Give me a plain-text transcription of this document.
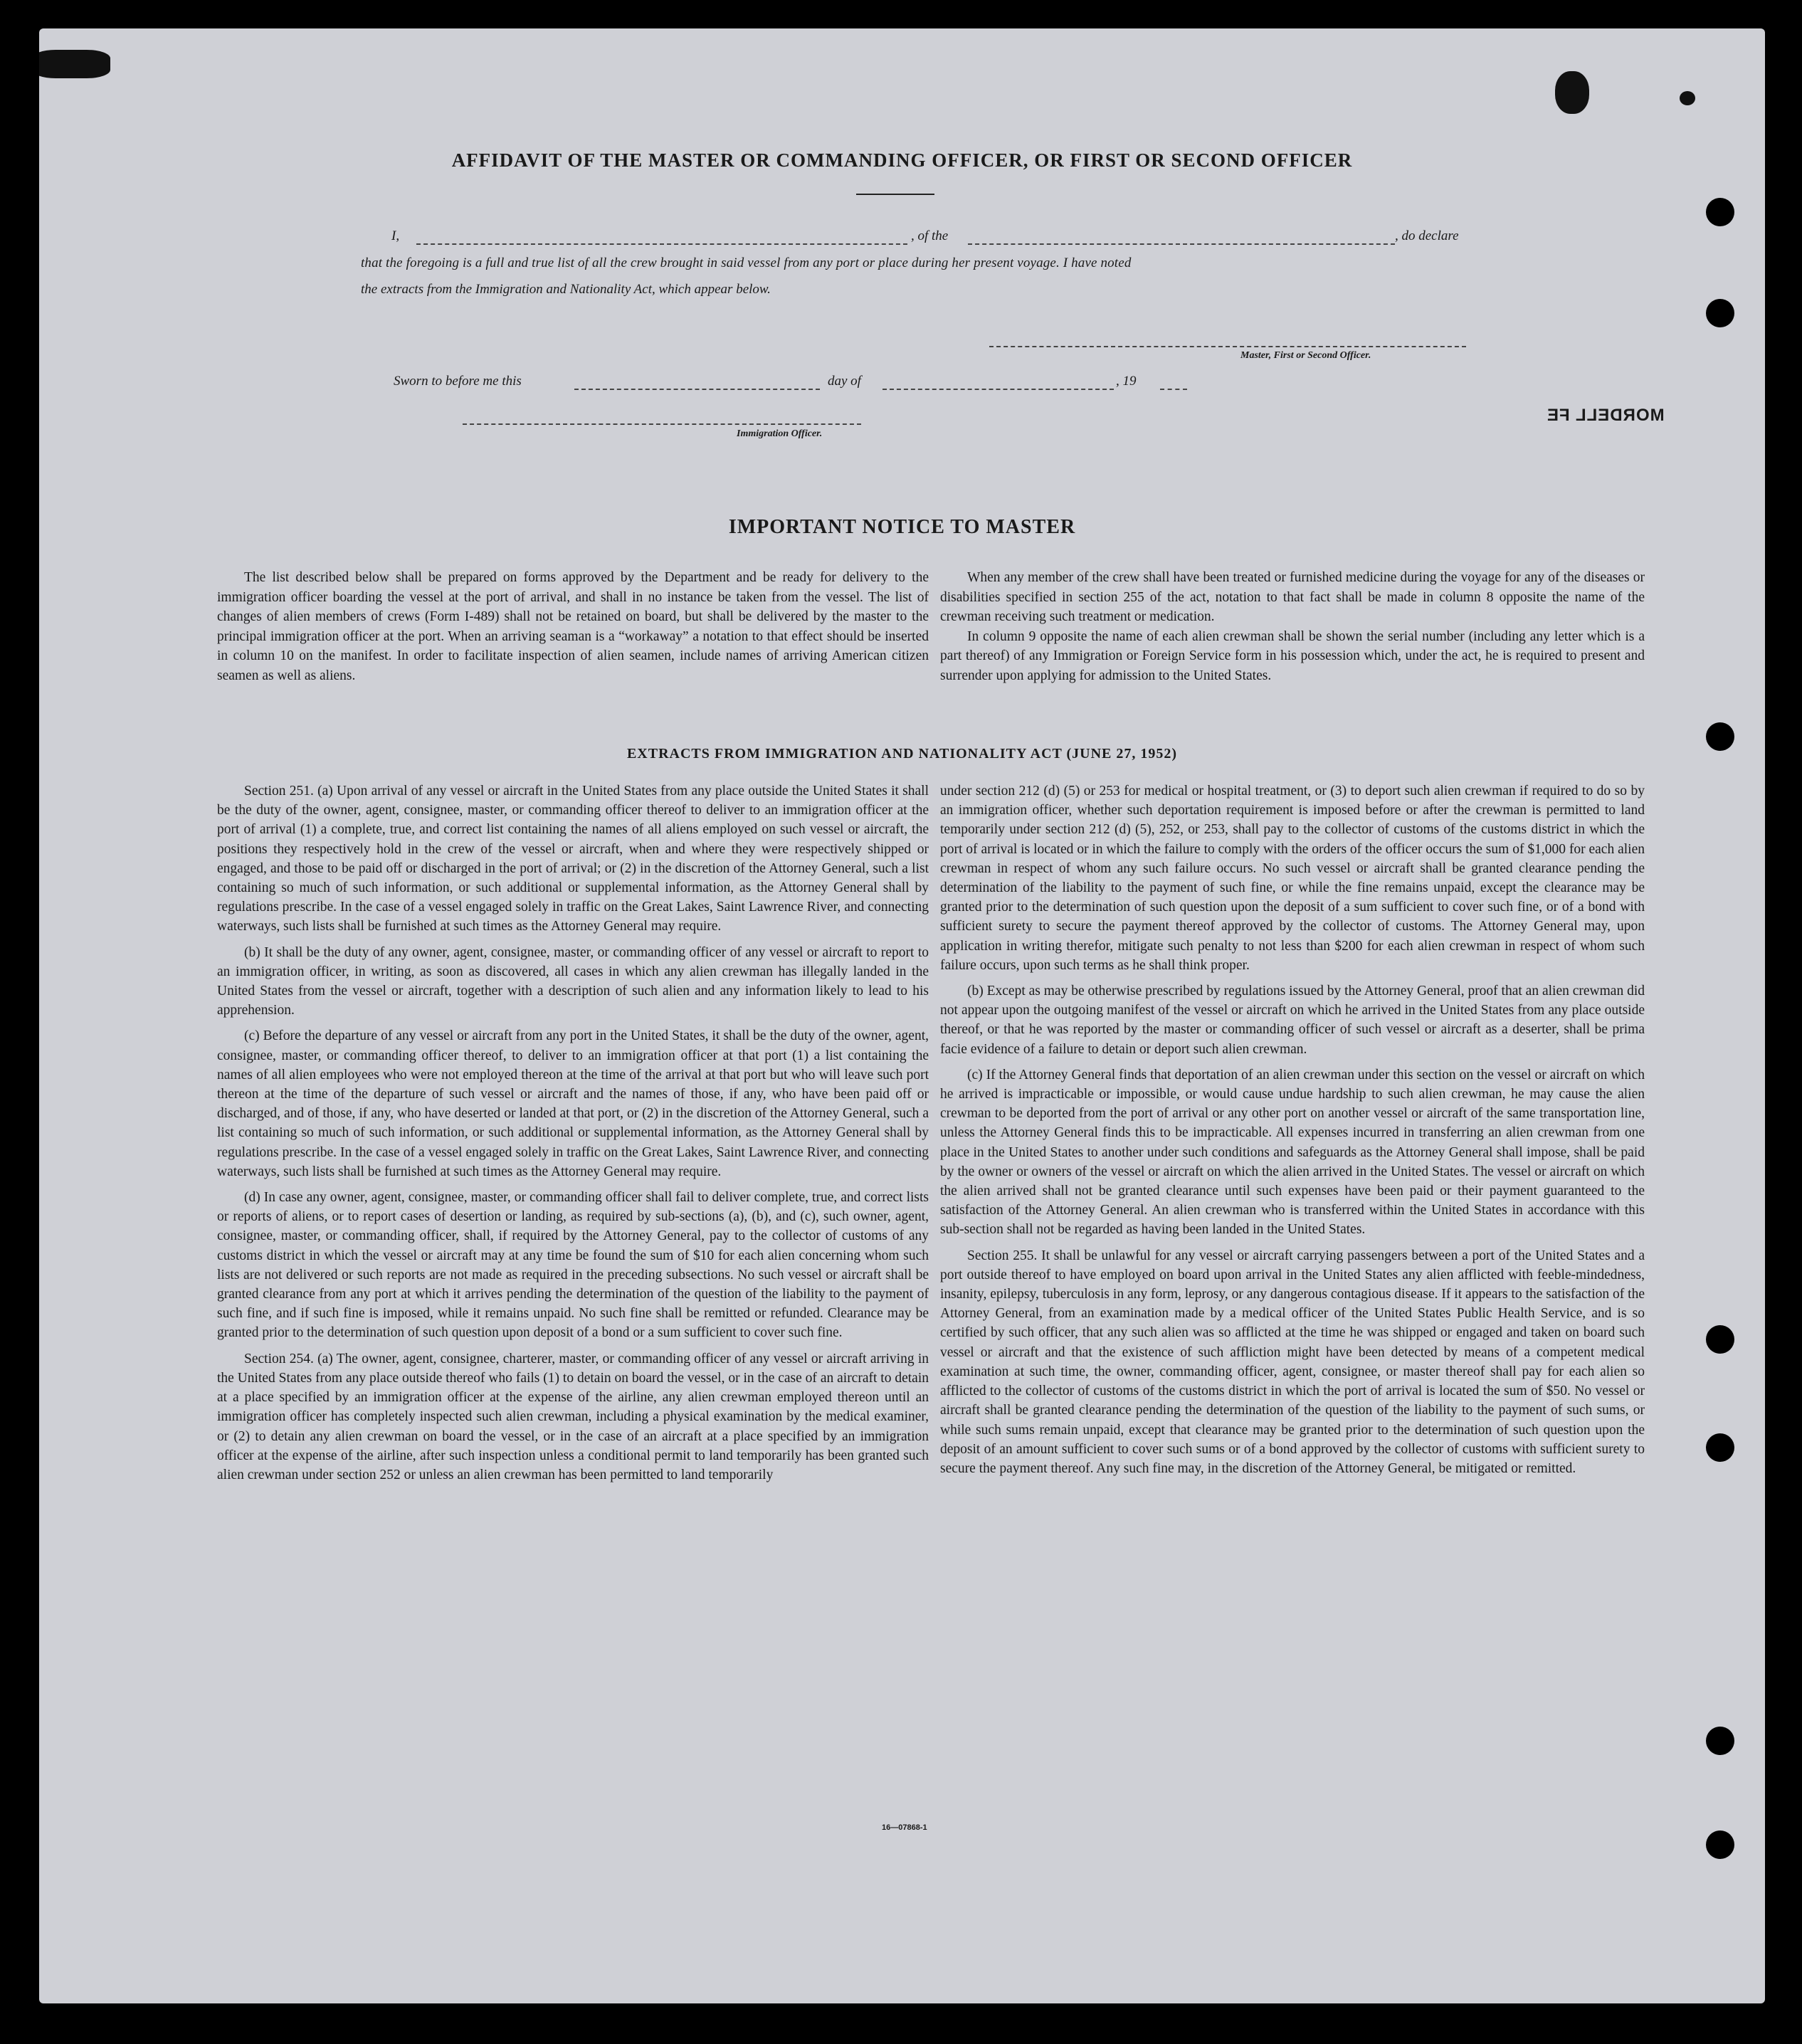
AFFIDAVIT OF THE MASTER OR COMMANDING OFFICER, OR FIRST OR SECOND OFFICER
I,	, of the	, do declare
that the foregoing is a full and true list of all the crew brought in said vessel from any port or place during her present voyage. I have noted
the extracts from the Immigration and Nationality Act, which appear below.
Master, First or Second Officer.
Sworn to before me this	day of	, 19
Immigration Officer.
MORDELL FE
IMPORTANT NOTICE TO MASTER

The list described below shall be prepared on forms approved by the Department and be ready for delivery to the immigration officer boarding the vessel at the port of arrival, and shall in no instance be taken from the vessel. The list of changes of alien members of crews (Form I-489) shall not be retained on board, but shall be delivered by the master to the principal immigration officer at the port. When an arriving seaman is a “workaway” a notation to that effect should be inserted in column 10 on the manifest. In order to facilitate inspection of alien seamen, include names of arriving American citizen seamen as well as aliens.

When any member of the crew shall have been treated or furnished medicine during the voyage for any of the diseases or disabilities specified in section 255 of the act, notation to that fact shall be made in column 8 opposite the name of the crewman receiving such treatment or medication.

In column 9 opposite the name of each alien crewman shall be shown the serial number (including any letter which is a part thereof) of any Immigration or Foreign Service form in his possession which, under the act, he is required to present and surrender upon applying for admission to the United States.

EXTRACTS FROM IMMIGRATION AND NATIONALITY ACT (JUNE 27, 1952)

Section 251. (a) Upon arrival of any vessel or aircraft in the United States from any place outside the United States it shall be the duty of the owner, agent, consignee, master, or commanding officer thereof to deliver to an immigration officer at the port of arrival (1) a complete, true, and correct list containing the names of all aliens employed on such vessel or aircraft, the positions they respectively hold in the crew of the vessel or aircraft, when and where they were respectively shipped or engaged, and those to be paid off or discharged in the port of arrival; or (2) in the discretion of the Attorney General, such a list containing so much of such information, or such additional or supplemental information, as the Attorney General shall by regulations prescribe. In the case of a vessel engaged solely in traffic on the Great Lakes, Saint Lawrence River, and connecting waterways, such lists shall be furnished at such times as the Attorney General may require.

(b) It shall be the duty of any owner, agent, consignee, master, or commanding officer of any vessel or aircraft to report to an immigration officer, in writing, as soon as discovered, all cases in which any alien crewman has illegally landed in the United States from the vessel or aircraft, together with a description of such alien and any information likely to lead to his apprehension.

(c) Before the departure of any vessel or aircraft from any port in the United States, it shall be the duty of the owner, agent, consignee, master, or commanding officer thereof, to deliver to an immigration officer at that port (1) a list containing the names of all alien employees who were not employed thereon at the time of the arrival at that port but who will leave such port thereon at the time of the departure of such vessel or aircraft and the names of those, if any, who have been paid off or discharged, and of those, if any, who have deserted or landed at that port, or (2) in the discretion of the Attorney General, such a list containing so much of such information, or such additional or supplemental information, as the Attorney General shall by regulations prescribe. In the case of a vessel engaged solely in traffic on the Great Lakes, Saint Lawrence River, and connecting waterways, such lists shall be furnished at such times as the Attorney General may require.

(d) In case any owner, agent, consignee, master, or commanding officer shall fail to deliver complete, true, and correct lists or reports of aliens, or to report cases of desertion or landing, as required by sub-sections (a), (b), and (c), such owner, agent, consignee, master, or commanding officer, shall, if required by the Attorney General, pay to the collector of customs of any customs district in which the vessel or aircraft may at any time be found the sum of $10 for each alien concerning whom such lists are not delivered or such reports are not made as required in the preceding subsections. No such vessel or aircraft shall be granted clearance from any port at which it arrives pending the determination of the question of the liability to the payment of such fine, and if such fine is imposed, while it remains unpaid. No such fine shall be remitted or refunded. Clearance may be granted prior to the determination of such question upon deposit of a bond or a sum sufficient to cover such fine.

Section 254. (a) The owner, agent, consignee, charterer, master, or commanding officer of any vessel or aircraft arriving in the United States from any place outside thereof who fails (1) to detain on board the vessel, or in the case of an aircraft to detain at a place specified by an immigration officer at the expense of the airline, any alien crewman employed thereon until an immigration officer has completely inspected such alien crewman, including a physical examination by the medical examiner, or (2) to detain any alien crewman on board the vessel, or in the case of an aircraft at a place specified by an immigration officer at the expense of the airline, after such inspection unless a conditional permit to land temporarily has been granted such alien crewman under section 252 or unless an alien crewman has been permitted to land temporarily

under section 212 (d) (5) or 253 for medical or hospital treatment, or (3) to deport such alien crewman if required to do so by an immigration officer, whether such deportation requirement is imposed before or after the crewman is permitted to land temporarily under section 212 (d) (5), 252, or 253, shall pay to the collector of customs of the customs district in which the port of arrival is located or in which the failure to comply with the orders of the officer occurs the sum of $1,000 for each alien crewman in respect of whom any such failure occurs. No such vessel or aircraft shall be granted clearance pending the determination of the liability to the payment of such fine, or while the fine remains unpaid, except the clearance may be granted prior to the determination of such question upon the deposit of a sum sufficient to cover such fine, or of a bond with sufficient surety to secure the payment thereof approved by the collector of customs. The Attorney General may, upon application in writing therefor, mitigate such penalty to not less than $200 for each alien crewman in respect of whom such failure occurs, upon such terms as he shall think proper.

(b) Except as may be otherwise prescribed by regulations issued by the Attorney General, proof that an alien crewman did not appear upon the outgoing manifest of the vessel or aircraft on which he arrived in the United States from any place outside thereof, or that he was reported by the master or commanding officer of such vessel or aircraft as a deserter, shall be prima facie evidence of a failure to detain or deport such alien crewman.

(c) If the Attorney General finds that deportation of an alien crewman under this section on the vessel or aircraft on which he arrived is impracticable or impossible, or would cause undue hardship to such alien crewman, he may cause the alien crewman to be deported from the port of arrival or any other port on another vessel or aircraft of the same transportation line, unless the Attorney General finds this to be impracticable. All expenses incurred in transferring an alien crewman from one place in the United States to another under such conditions and safeguards as the Attorney General shall impose, shall be paid by the owner or owners of the vessel or aircraft on which the alien arrived in the United States. The vessel or aircraft on which the alien arrived shall not be granted clearance until such expenses have been paid or their payment guaranteed to the satisfaction of the Attorney General. An alien crewman who is transferred within the United States in accordance with this sub-section shall not be regarded as having been landed in the United States.

Section 255. It shall be unlawful for any vessel or aircraft carrying passengers between a port of the United States and a port outside thereof to have employed on board upon arrival in the United States any alien afflicted with feeble-mindedness, insanity, epilepsy, tuberculosis in any form, leprosy, or any dangerous contagious disease. If it appears to the satisfaction of the Attorney General, from an examination made by a medical officer of the United States Public Health Service, and is so certified by such officer, that any such alien was so afflicted at the time he was shipped or engaged and taken on board such vessel or aircraft and that the existence of such affliction might have been detected by means of a competent medical examination at such time, the owner, commanding officer, agent, consignee, or master thereof shall pay for each alien so afflicted to the collector of customs of the customs district in which the port of arrival is located the sum of $50. No vessel or aircraft shall be granted clearance pending the determination of the question of the liability to the payment of such sums, or while such sums remain unpaid, except that clearance may be granted prior to the determination of such question upon the deposit of an amount sufficient to cover such sums or of a bond approved by the collector of customs with sufficient surety to secure the payment thereof. Any such fine may, in the discretion of the Attorney General, be mitigated or remitted.

16—07868-1
